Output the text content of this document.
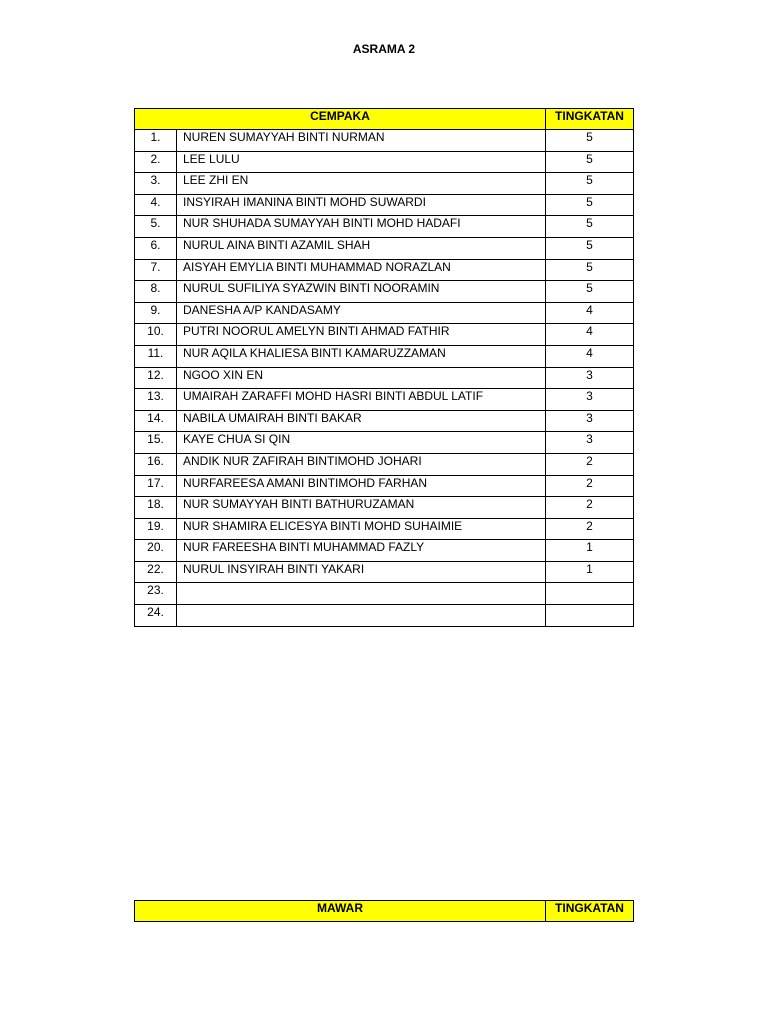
ASRAMA 2
CEMPAKA		TINGKATAN
1.	NUREN SUMAYYAH BINTI NURMAN	5
2.	LEE LULU	5
3.	LEE ZHI EN	5
4.	INSYIRAH IMANINA BINTI MOHD SUWARDI	5
5.	NUR SHUHADA SUMAYYAH BINTI MOHD HADAFI	5
6.	NURUL AINA BINTI AZAMIL SHAH	5
7.	AISYAH EMYLIA BINTI MUHAMMAD NORAZLAN	5
8.	NURUL SUFILIYA SYAZWIN BINTI NOORAMIN	5
9.	DANESHA A/P KANDASAMY	4
10.	PUTRI NOORUL AMELYN BINTI AHMAD FATHIR	4
11.	NUR AQILA KHALIESA BINTI KAMARUZZAMAN	4
12.	NGOO XIN EN	3
13.	UMAIRAH ZARAFFI MOHD HASRI BINTI ABDUL LATIF	3
14.	NABILA UMAIRAH BINTI BAKAR	3
15.	KAYE CHUA SI QIN	3
16.	ANDIK NUR ZAFIRAH BINTIMOHD JOHARI	2
17.	NURFAREESA AMANI BINTIMOHD FARHAN	2
18.	NUR SUMAYYAH BINTI BATHURUZAMAN	2
19.	NUR SHAMIRA ELICESYA BINTI MOHD SUHAIMIE	2
20.	NUR FAREESHA BINTI MUHAMMAD FAZLY	1
22.	NURUL INSYIRAH BINTI YAKARI	1
23.		
24.		
MAWAR	TINGKATAN
